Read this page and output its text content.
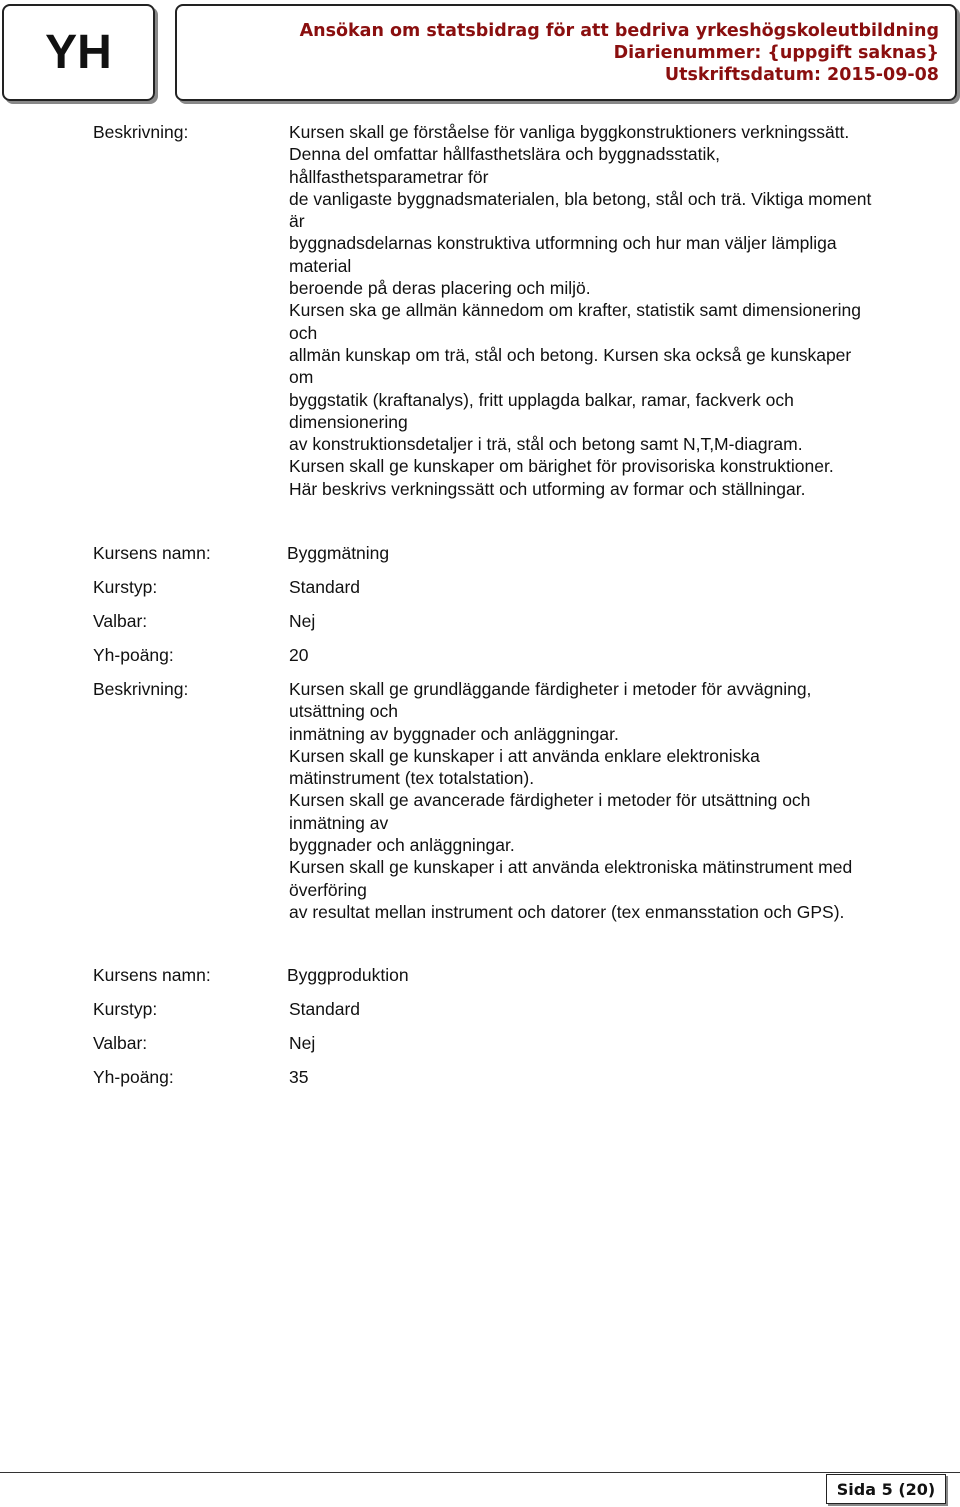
YH	Ansökan om statsbidrag för att bedriva yrkeshögskoleutbildning
Diarienummer: {uppgift saknas}
Utskriftsdatum: 2015-09-08
Beskrivning:	Kursen skall ge förståelse för vanliga byggkonstruktioners verkningssätt.
Denna del omfattar hållfasthetslära och byggnadsstatik,
hållfasthetsparametrar för
de vanligaste byggnadsmaterialen, bla betong, stål och trä. Viktiga moment
är
byggnadsdelarnas konstruktiva utformning och hur man väljer lämpliga
material
beroende på deras placering och miljö.
Kursen ska ge allmän kännedom om krafter, statistik samt dimensionering
och
allmän kunskap om trä, stål och betong. Kursen ska också ge kunskaper
om
byggstatik (kraftanalys), fritt upplagda balkar, ramar, fackverk och
dimensionering
av konstruktionsdetaljer i trä, stål och betong samt N,T,M-diagram.
Kursen skall ge kunskaper om bärighet för provisoriska konstruktioner.
Här beskrivs verkningssätt och utforming av formar och ställningar.
Kursens namn:	Byggmätning
Kurstyp:	Standard
Valbar:	Nej
Yh-poäng:	20
Beskrivning:	Kursen skall ge grundläggande färdigheter i metoder för avvägning,
utsättning och
inmätning av byggnader och anläggningar.
Kursen skall ge kunskaper i att använda enklare elektroniska
mätinstrument (tex totalstation).
Kursen skall ge avancerade färdigheter i metoder för utsättning och
inmätning av
byggnader och anläggningar.
Kursen skall ge kunskaper i att använda elektroniska mätinstrument med
överföring
av resultat mellan instrument och datorer (tex enmansstation och GPS).
Kursens namn:	Byggproduktion
Kurstyp:	Standard
Valbar:	Nej
Yh-poäng:	35
Sida 5 (20)
